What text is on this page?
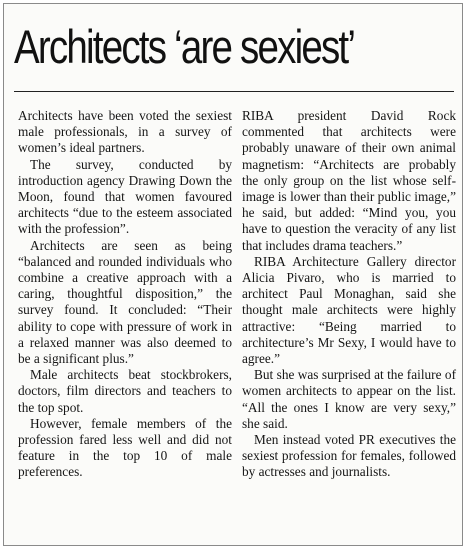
Architects ‘are sexiest’

Architects have been voted the sexiest male professionals, in a survey of women’s ideal partners.

The survey, conducted by introduction agency Drawing Down the Moon, found that women favoured architects “due to the esteem associated with the profession”.

Architects are seen as being “balanced and rounded individuals who combine a creative approach with a caring, thoughtful disposition,” the survey found. It concluded: “Their ability to cope with pressure of work in a relaxed manner was also deemed to be a significant plus.”

Male architects beat stockbrokers, doctors, film directors and teachers to the top spot.

However, female members of the profession fared less well and did not feature in the top 10 of male preferences.

RIBA president David Rock commented that architects were probably unaware of their own animal magnetism: “Architects are probably the only group on the list whose self-image is lower than their public image,” he said, but added: “Mind you, you have to question the veracity of any list that includes drama teachers.”

RIBA Architecture Gallery director Alicia Pivaro, who is married to architect Paul Monaghan, said she thought male architects were highly attractive: “Being married to architecture’s Mr Sexy, I would have to agree.”

But she was surprised at the failure of women architects to appear on the list. “All the ones I know are very sexy,” she said.

Men instead voted PR executives the sexiest profession for females, followed by actresses and journalists.
